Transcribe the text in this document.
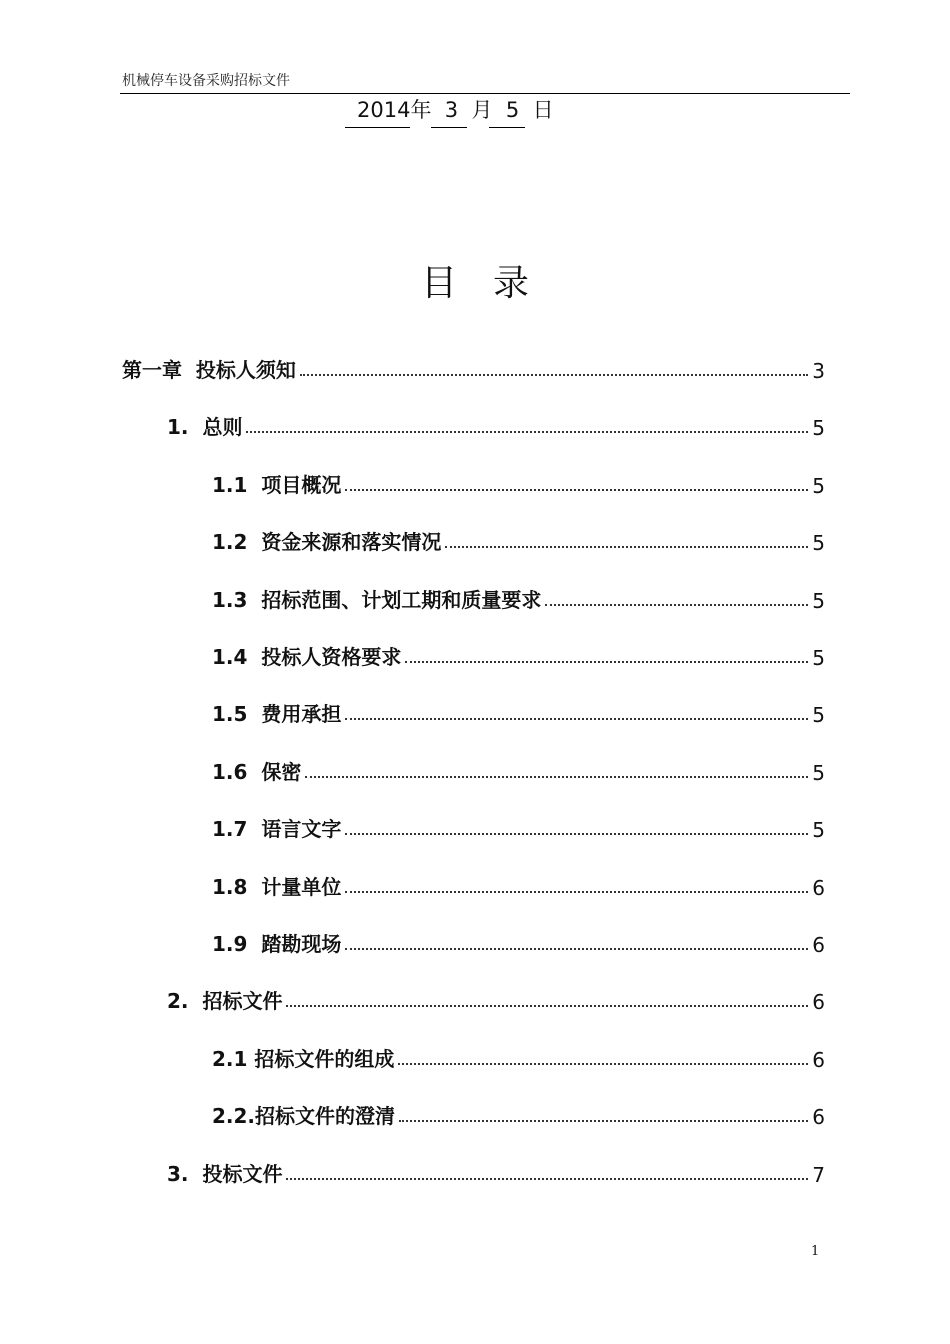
机械停车设备采购招标文件
2014年  3  月  5  日
目录
第一章  投标人须知	3
1.  总则	5
1.1  项目概况	5
1.2  资金来源和落实情况	5
1.3  招标范围、计划工期和质量要求	5
1.4  投标人资格要求	5
1.5  费用承担	5
1.6  保密	5
1.7  语言文字	5
1.8  计量单位	6
1.9  踏勘现场	6
2.  招标文件	6
2.1 招标文件的组成	6
2.2.招标文件的澄清	6
3.  投标文件	7
1
